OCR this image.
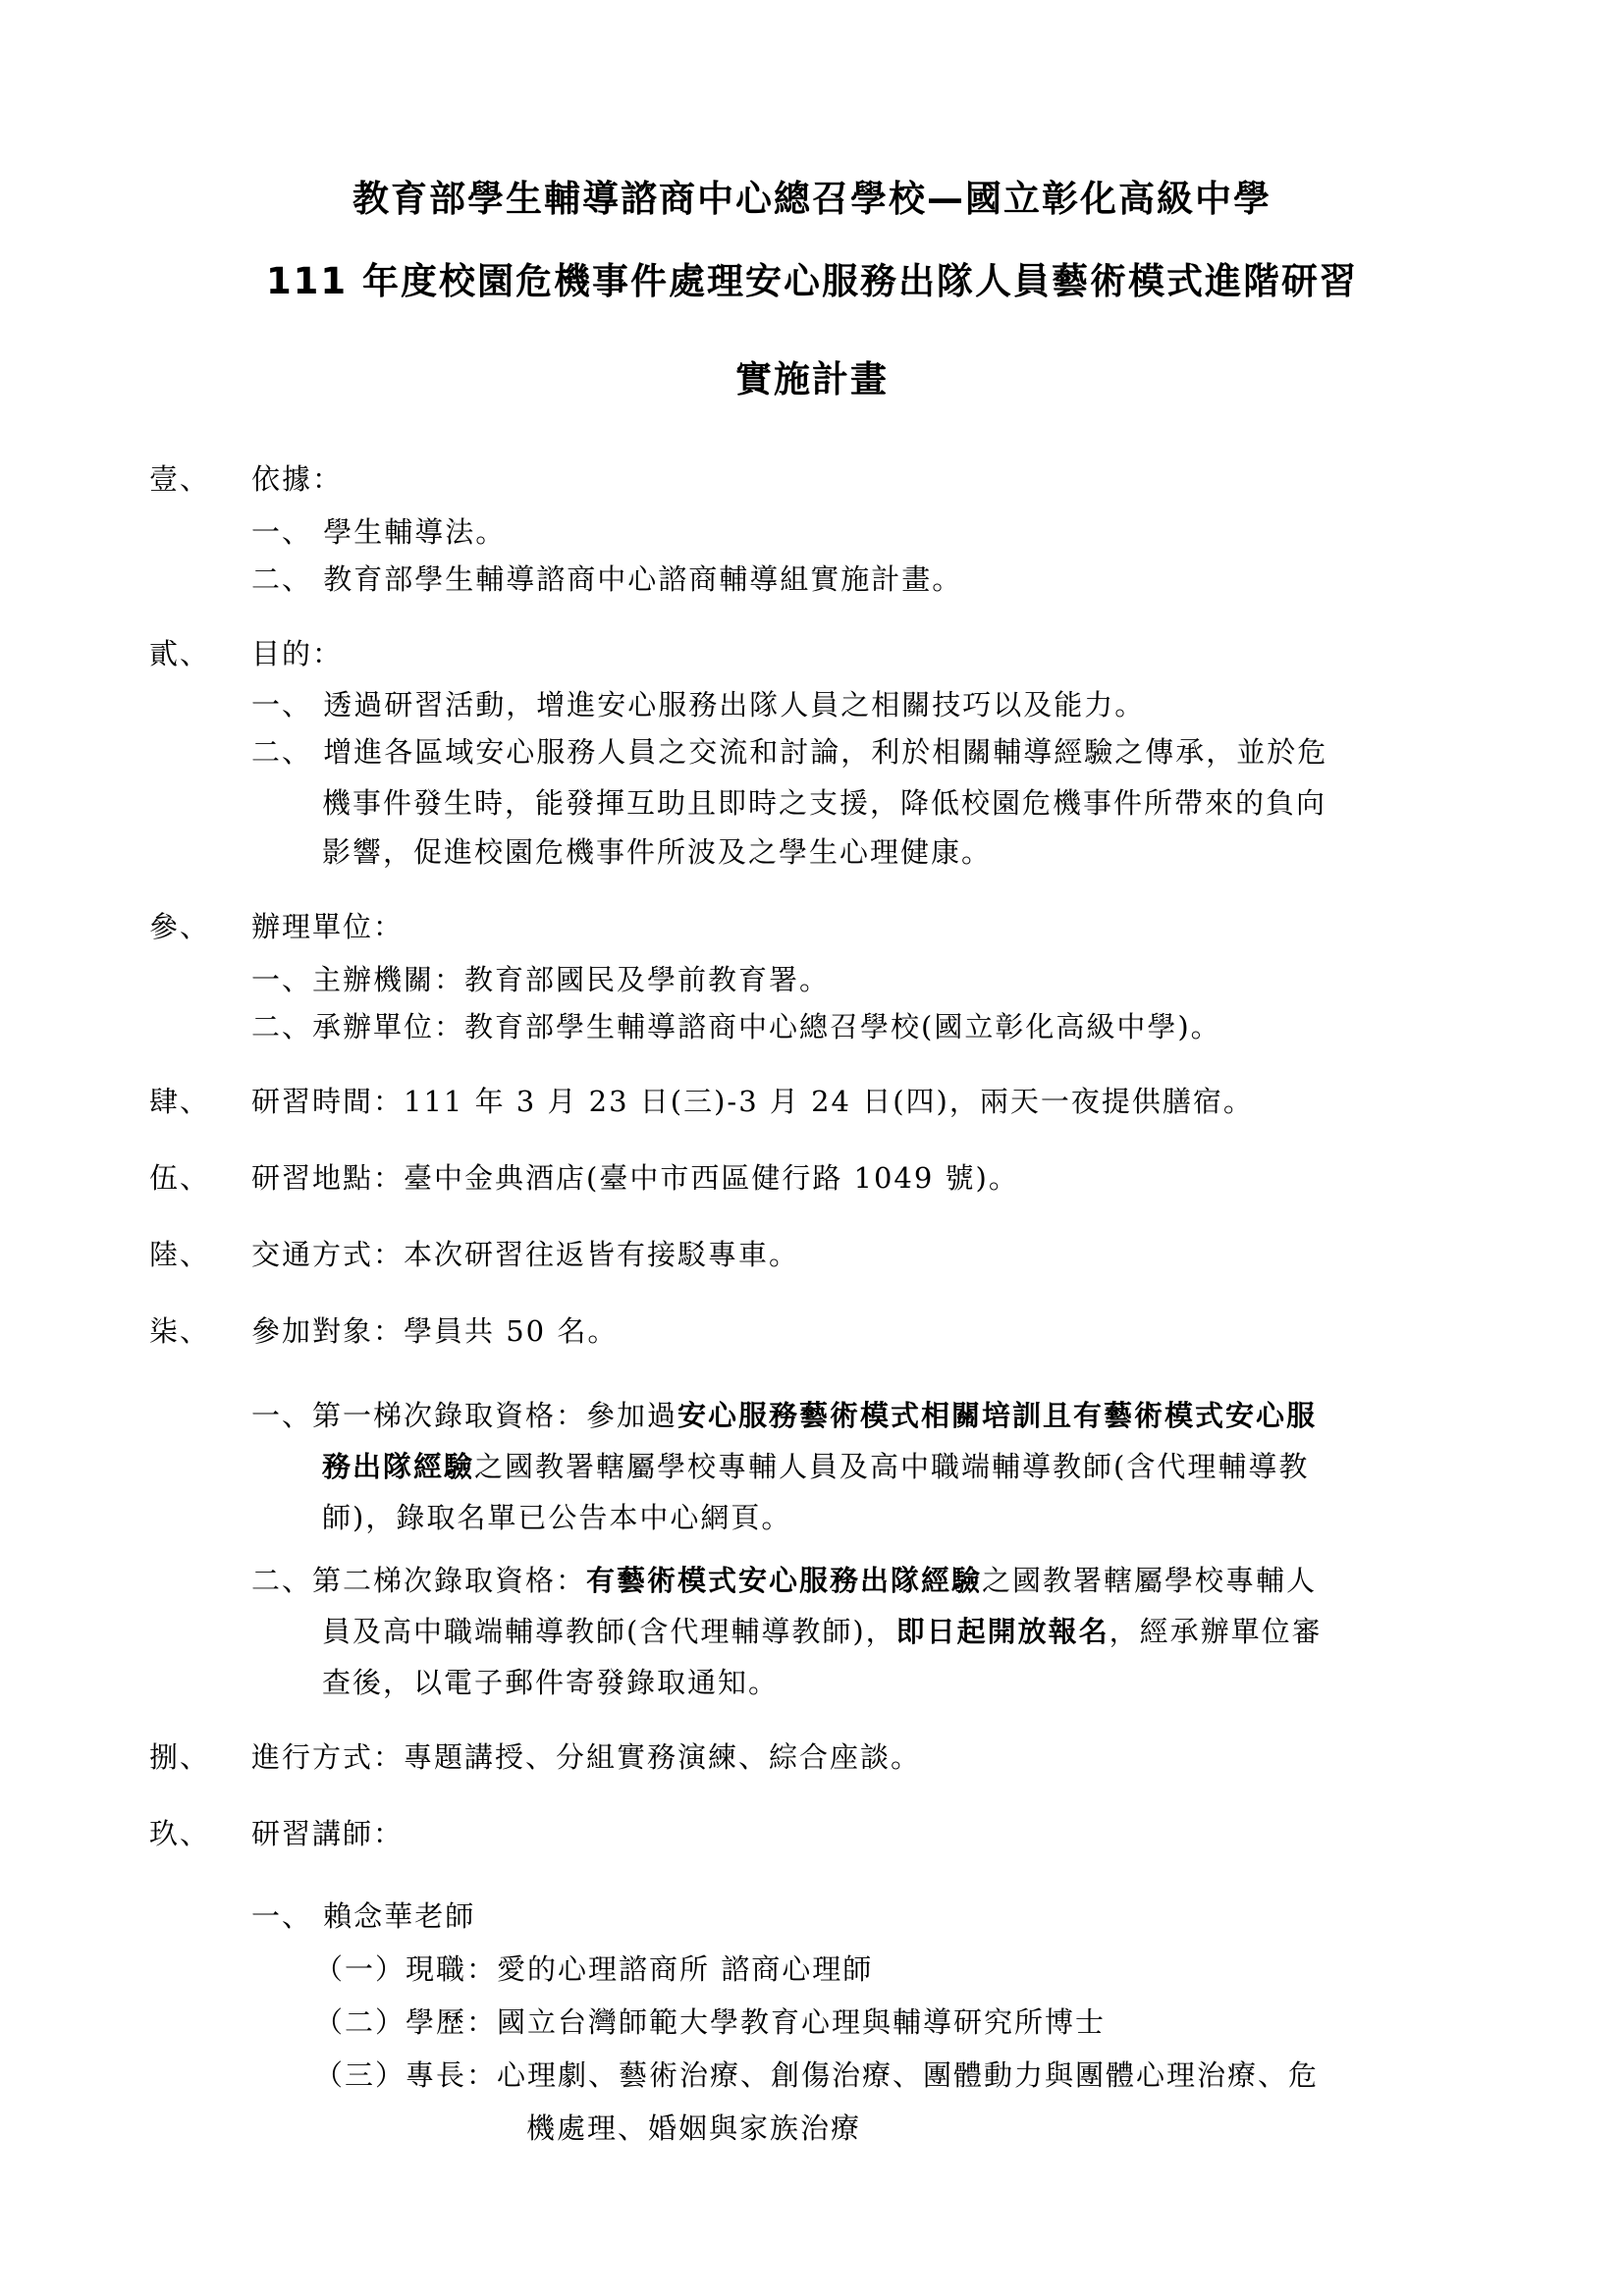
教育部學生輔導諮商中心總召學校—國立彰化高級中學
111 年度校園危機事件處理安心服務出隊人員藝術模式進階研習
實施計畫
壹、 依據：
一、 學生輔導法。
二、 教育部學生輔導諮商中心諮商輔導組實施計畫。
貳、 目的：
一、 透過研習活動，增進安心服務出隊人員之相關技巧以及能力。
二、 增進各區域安心服務人員之交流和討論，利於相關輔導經驗之傳承，並於危
機事件發生時，能發揮互助且即時之支援，降低校園危機事件所帶來的負向
影響，促進校園危機事件所波及之學生心理健康。
參、 辦理單位：
一、主辦機關：教育部國民及學前教育署。
二、承辦單位：教育部學生輔導諮商中心總召學校(國立彰化高級中學)。
肆、 研習時間：111 年 3 月 23 日(三)-3 月 24 日(四)，兩天一夜提供膳宿。
伍、 研習地點：臺中金典酒店(臺中市西區健行路 1049 號)。
陸、 交通方式：本次研習往返皆有接駁專車。
柒、 參加對象：學員共 50 名。
一、第一梯次錄取資格：參加過安心服務藝術模式相關培訓且有藝術模式安心服
務出隊經驗之國教署轄屬學校專輔人員及高中職端輔導教師(含代理輔導教
師)，錄取名單已公告本中心網頁。
二、第二梯次錄取資格：有藝術模式安心服務出隊經驗之國教署轄屬學校專輔人
員及高中職端輔導教師(含代理輔導教師)，即日起開放報名，經承辦單位審
查後，以電子郵件寄發錄取通知。
捌、 進行方式：專題講授、分組實務演練、綜合座談。
玖、 研習講師：
一、 賴念華老師
（一）現職：愛的心理諮商所 諮商心理師
（二）學歷：國立台灣師範大學教育心理與輔導研究所博士
（三）專長：心理劇、藝術治療、創傷治療、團體動力與團體心理治療、危
機處理、婚姻與家族治療
